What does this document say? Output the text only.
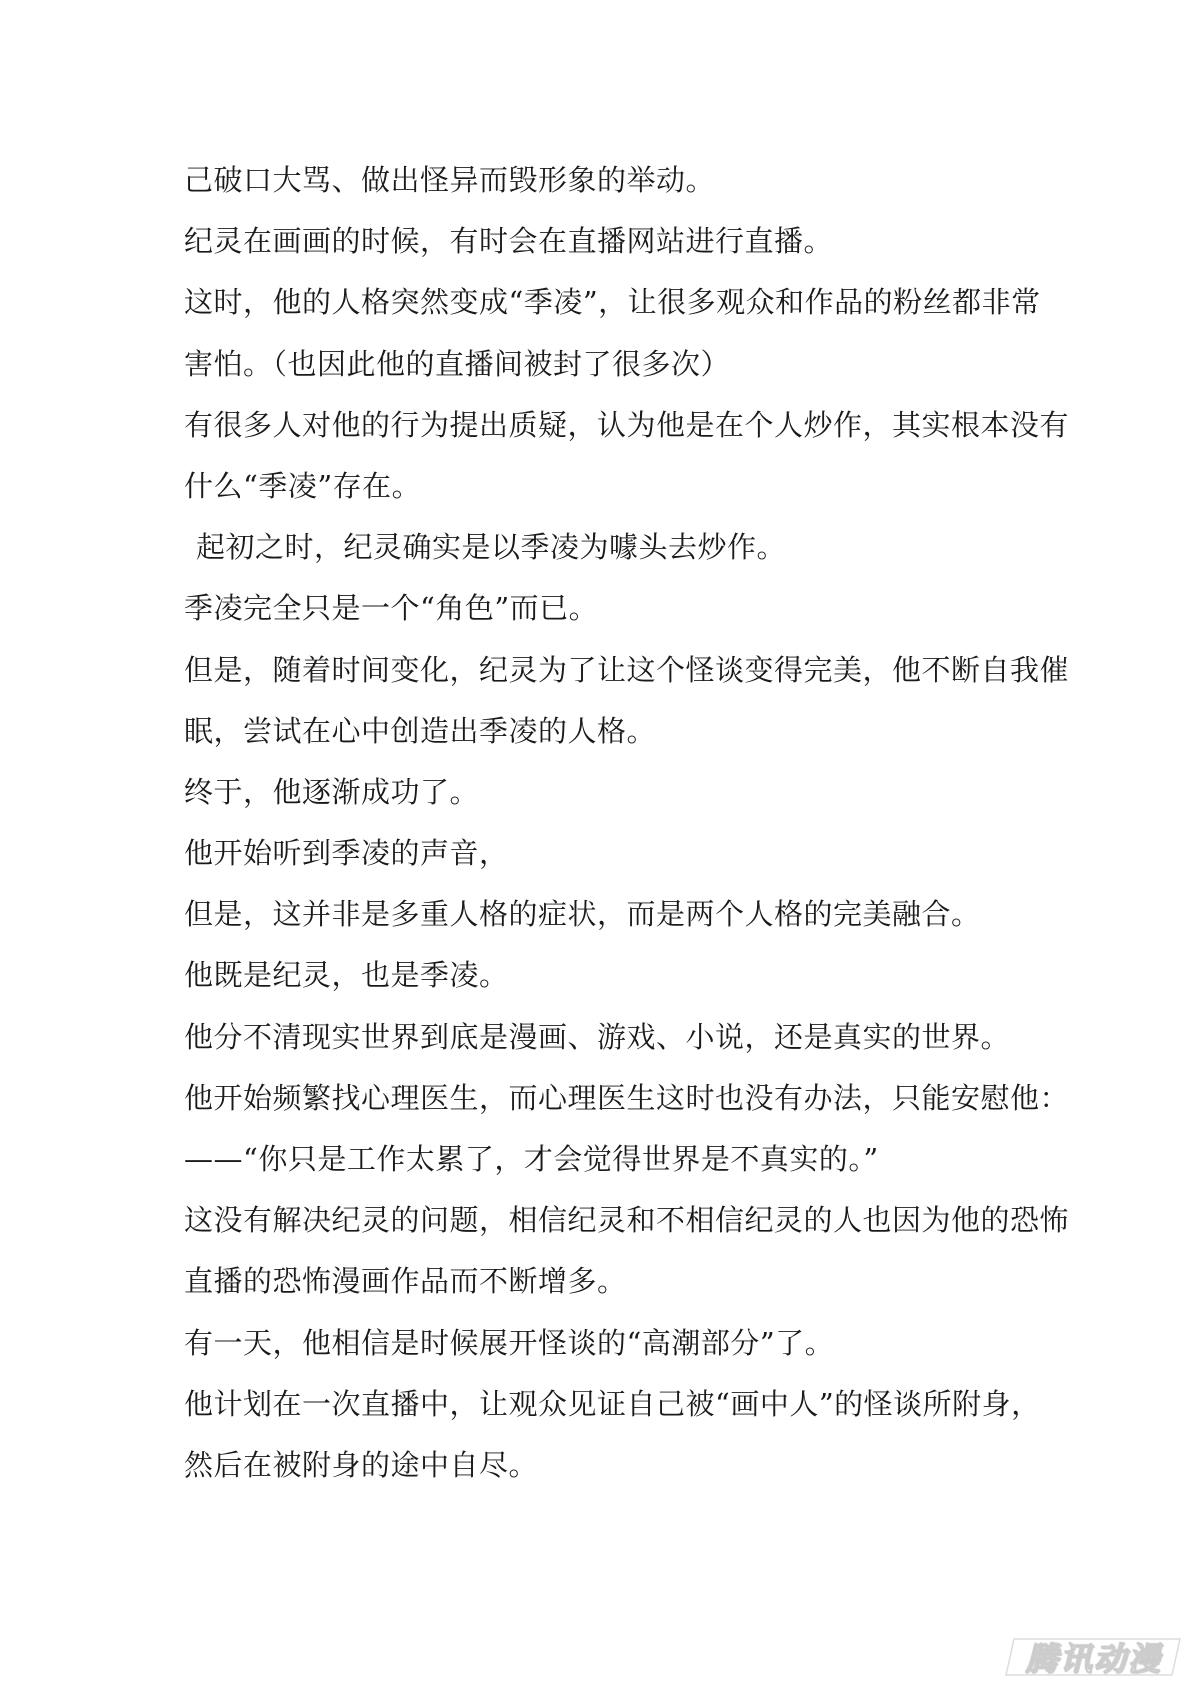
己破口大骂、做出怪异而毁形象的举动。
纪灵在画画的时候，有时会在直播网站进行直播。
这时，他的人格突然变成“季凌”，让很多观众和作品的粉丝都非常
害怕。（也因此他的直播间被封了很多次）
有很多人对他的行为提出质疑，认为他是在个人炒作，其实根本没有
什么“季凌”存在。
起初之时，纪灵确实是以季凌为噱头去炒作。
季凌完全只是一个“角色”而已。
但是，随着时间变化，纪灵为了让这个怪谈变得完美，他不断自我催
眠，尝试在心中创造出季凌的人格。
终于，他逐渐成功了。
他开始听到季凌的声音，
但是，这并非是多重人格的症状，而是两个人格的完美融合。
他既是纪灵，也是季凌。
他分不清现实世界到底是漫画、游戏、小说，还是真实的世界。
他开始频繁找心理医生，而心理医生这时也没有办法，只能安慰他：
——“你只是工作太累了，才会觉得世界是不真实的。”
这没有解决纪灵的问题，相信纪灵和不相信纪灵的人也因为他的恐怖
直播的恐怖漫画作品而不断增多。
有一天，他相信是时候展开怪谈的“高潮部分”了。
他计划在一次直播中，让观众见证自己被“画中人”的怪谈所附身，
然后在被附身的途中自尽。
腾讯动漫
